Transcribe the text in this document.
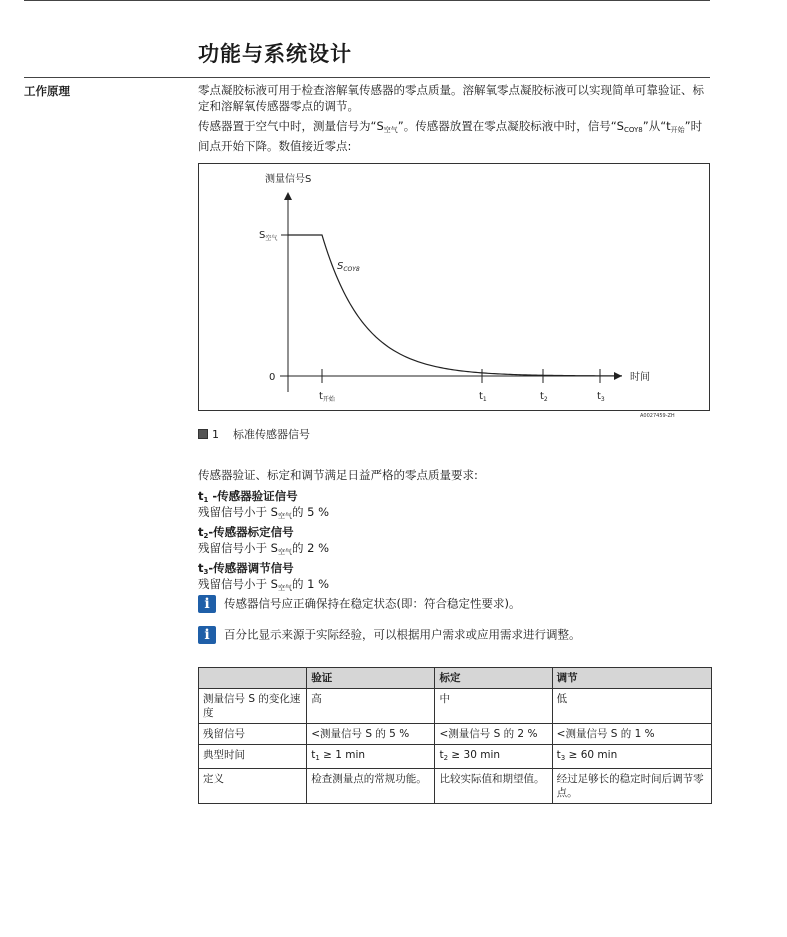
功能与系统设计
工作原理	零点凝胶标液可用于检查溶解氧传感器的零点质量。溶解氧零点凝胶标液可以实现简单可靠验证、标定和溶解氧传感器零点的调节。

传感器置于空气中时，测量信号为“$S_{空气}$”。传感器放置在零点凝胶标液中时，信号“$S_{COY8}$”从“$t_{开始}$”时间点开始下降。数值接近零点:

测量信号S
时间
$S_{空气}$
0
$S_{COY8}$
$t_{开始}$	$t_1$	$t_2$	$t_3$
A0027459-ZH
1 标准传感器信号
传感器验证、标定和调节满足日益严格的零点质量要求:
$t_1$ -传感器验证信号
残留信号小于 $S_{空气}$的 5 %
$t_2-$传感器标定信号
残留信号小于 $S_{空气}$的 2 %
$t_3-$传感器调节信号
残留信号小于 $S_{空气}$的 1 %
i 传感器信号应正确保持在稳定状态(即：符合稳定性要求)。
i 百分比显示来源于实际经验，可以根据用户需求或应用需求进行调整。
	验证	标定	调节
测量信号 S 的变化速度	高	中	低
残留信号	<测量信号 S 的 5 %	<测量信号 S 的 2 %	<测量信号 S 的 1 %
典型时间	$t_1 \ge 1$ min	$t_2 \ge 30$ min	$t_3 \ge 60$ min
定义	检查测量点的常规功能。	比较实际值和期望值。	经过足够长的稳定时间后调节零点。
